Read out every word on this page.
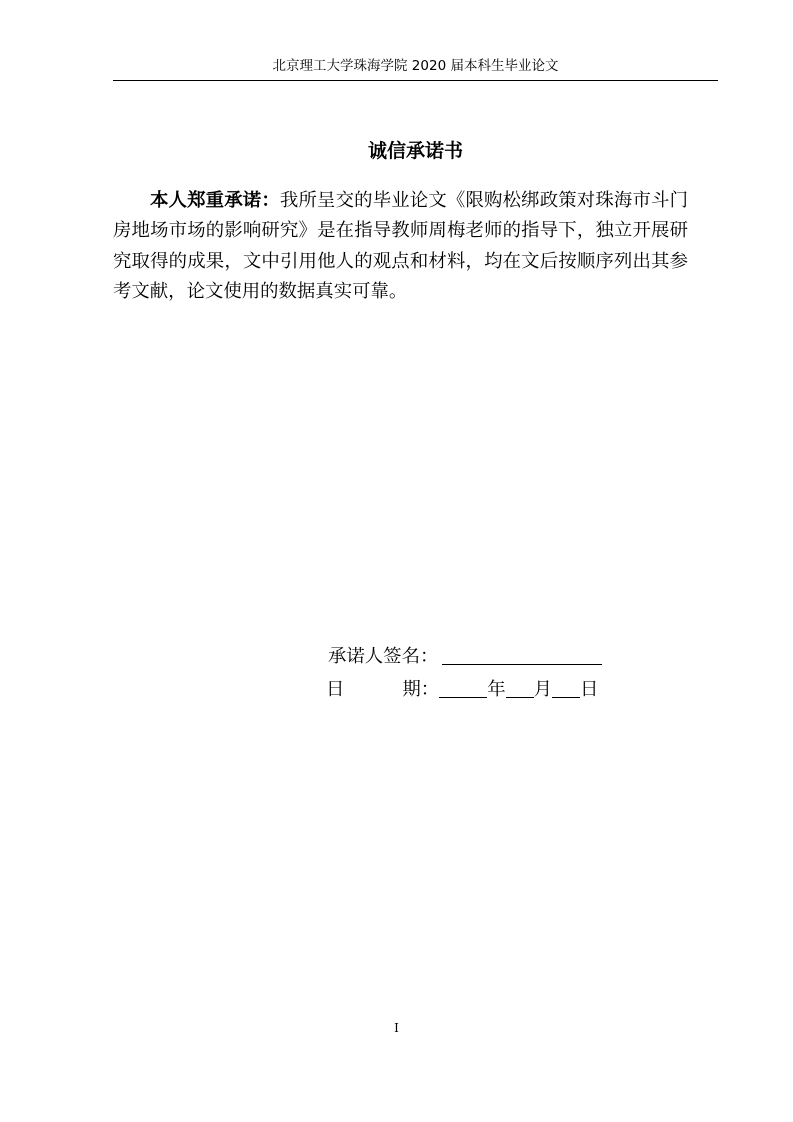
北京理工大学珠海学院 2020 届本科生毕业论文
诚信承诺书

本人郑重承诺：我所呈交的毕业论文《限购松绑政策对珠海市斗门房地场市场的影响研究》是在指导教师周梅老师的指导下，独立开展研究取得的成果，文中引用他人的观点和材料，均在文后按顺序列出其参考文献，论文使用的数据真实可靠。

承诺人签名：
日	期：	年 月 日
I
